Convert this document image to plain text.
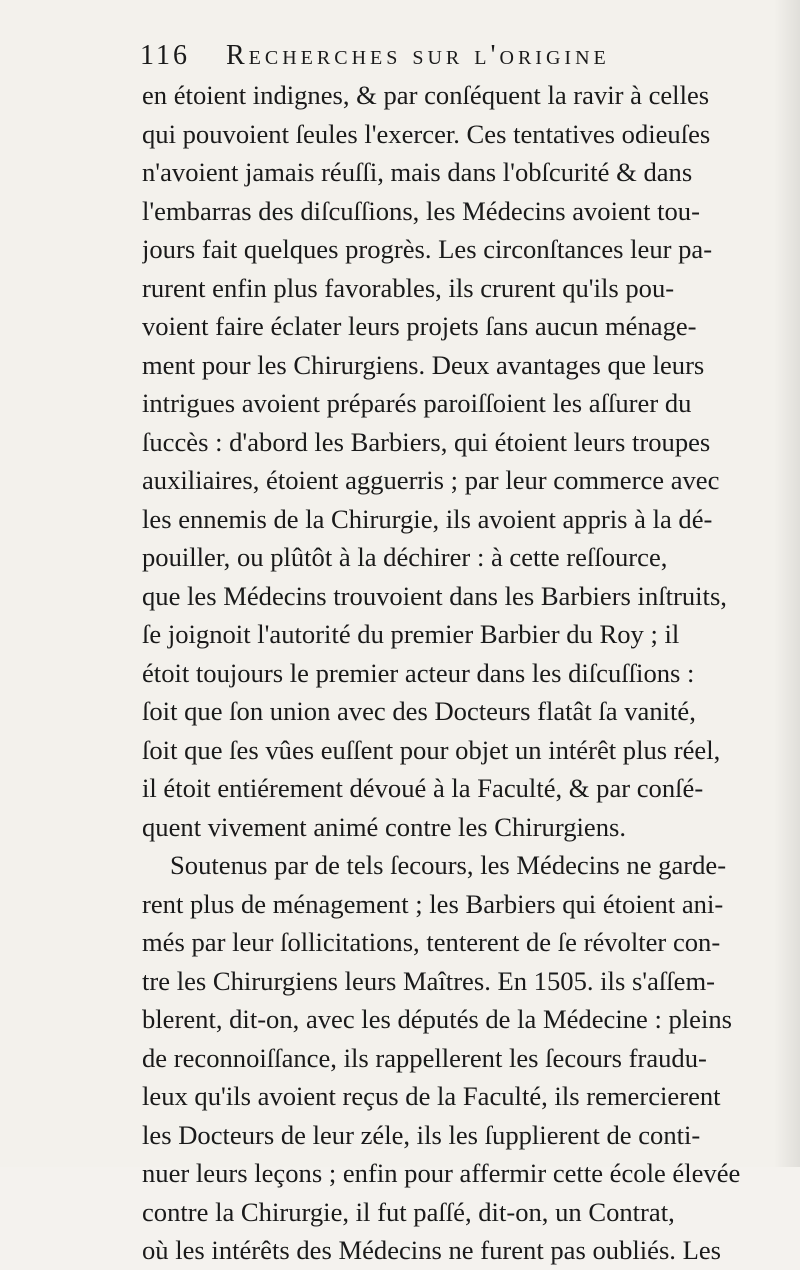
116	Recherches sur l'origine
en étoient indignes, & par conſéquent la ravir à celles
qui pouvoient ſeules l'exercer. Ces tentatives odieuſes
n'avoient jamais réuſſi, mais dans l'obſcurité & dans
l'embarras des diſcuſſions, les Médecins avoient tou-
jours fait quelques progrès. Les circonſtances leur pa-
rurent enfin plus favorables, ils crurent qu'ils pou-
voient faire éclater leurs projets ſans aucun ménage-
ment pour les Chirurgiens. Deux avantages que leurs
intrigues avoient préparés paroiſſoient les aſſurer du
ſuccès : d'abord les Barbiers, qui étoient leurs troupes
auxiliaires, étoient agguerris ; par leur commerce avec
les ennemis de la Chirurgie, ils avoient appris à la dé-
pouiller, ou plûtôt à la déchirer : à cette reſſource,
que les Médecins trouvoient dans les Barbiers inſtruits,
ſe joignoit l'autorité du premier Barbier du Roy ; il
étoit toujours le premier acteur dans les diſcuſſions :
ſoit que ſon union avec des Docteurs flatât ſa vanité,
ſoit que ſes vûes euſſent pour objet un intérêt plus réel,
il étoit entiérement dévoué à la Faculté, & par conſé-
quent vivement animé contre les Chirurgiens.
Soutenus par de tels ſecours, les Médecins ne garde-
rent plus de ménagement ; les Barbiers qui étoient ani-
més par leur ſollicitations, tenterent de ſe révolter con-
tre les Chirurgiens leurs Maîtres. En 1505. ils s'aſſem-
blerent, dit-on, avec les députés de la Médecine : pleins
de reconnoiſſance, ils rappellerent les ſecours fraudu-
leux qu'ils avoient reçus de la Faculté, ils remercierent
les Docteurs de leur zéle, ils les ſupplierent de conti-
nuer leurs leçons ; enfin pour affermir cette école élevée
contre la Chirurgie, il fut paſſé, dit-on, un Contrat,
où les intérêts des Médecins ne furent pas oubliés. Les
